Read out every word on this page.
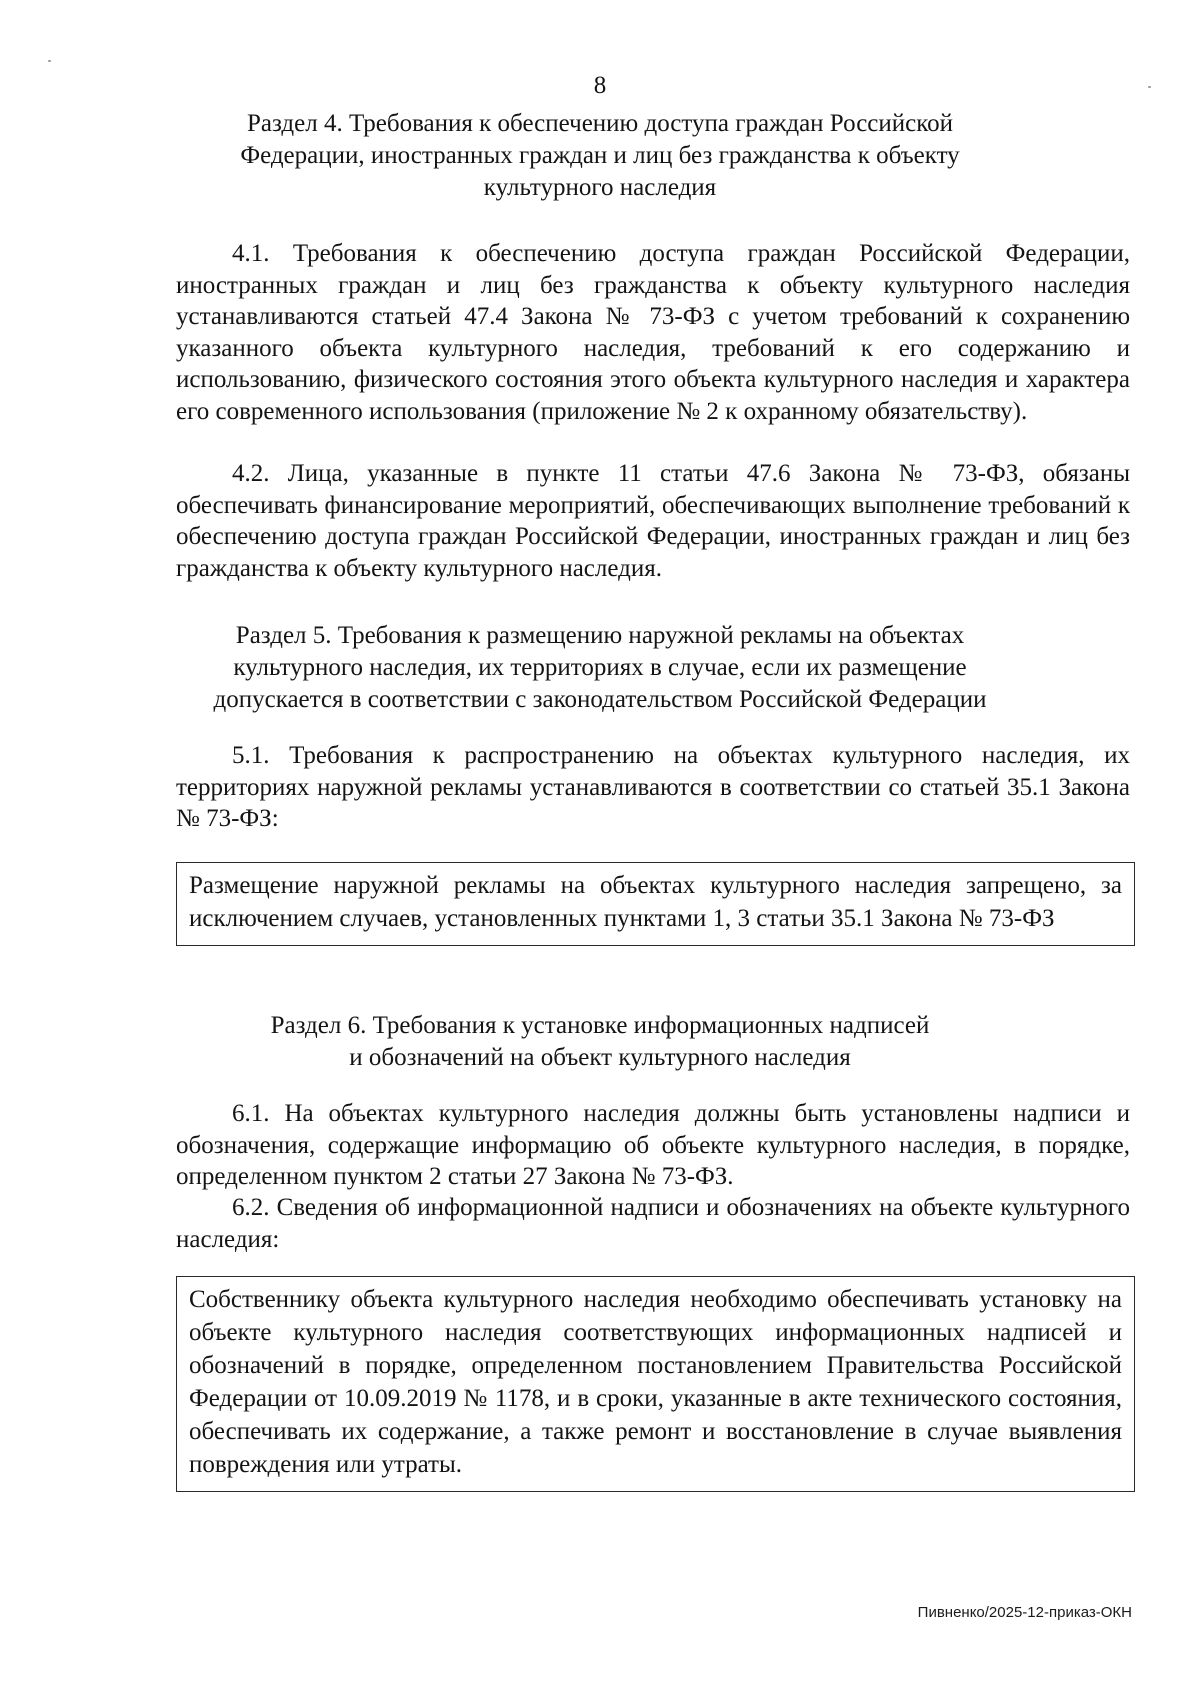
8
Раздел 4. Требования к обеспечению доступа граждан Российской
Федерации, иностранных граждан и лиц без гражданства к объекту
культурного наследия
4.1. Требования к обеспечению доступа граждан Российской Федерации, иностранных граждан и лиц без гражданства к объекту культурного наследия устанавливаются статьей 47.4 Закона № 73-ФЗ с учетом требований к сохранению указанного объекта культурного наследия, требований к его содержанию и использованию, физического состояния этого объекта культурного наследия и характера его современного использования (приложение № 2 к охранному обязательству).
4.2. Лица, указанные в пункте 11 статьи 47.6 Закона № 73-ФЗ, обязаны обеспечивать финансирование мероприятий, обеспечивающих выполнение требований к обеспечению доступа граждан Российской Федерации, иностранных граждан и лиц без гражданства к объекту культурного наследия.
Раздел 5. Требования к размещению наружной рекламы на объектах
культурного наследия, их территориях в случае, если их размещение
допускается в соответствии с законодательством Российской Федерации
5.1. Требования к распространению на объектах культурного наследия, их территориях наружной рекламы устанавливаются в соответствии со статьей 35.1 Закона № 73-ФЗ:
Размещение наружной рекламы на объектах культурного наследия запрещено, за исключением случаев, установленных пунктами 1, 3 статьи 35.1 Закона № 73-ФЗ
Раздел 6. Требования к установке информационных надписей
и обозначений на объект культурного наследия
6.1. На объектах культурного наследия должны быть установлены надписи и обозначения, содержащие информацию об объекте культурного наследия, в порядке, определенном пунктом 2 статьи 27 Закона № 73-ФЗ.
6.2. Сведения об информационной надписи и обозначениях на объекте культурного наследия:
Собственнику объекта культурного наследия необходимо обеспечивать установку на объекте культурного наследия соответствующих информационных надписей и обозначений в порядке, определенном постановлением Правительства Российской Федерации от 10.09.2019 № 1178, и в сроки, указанные в акте технического состояния, обеспечивать их содержание, а также ремонт и восстановление в случае выявления повреждения или утраты.
Пивненко/2025-12-приказ-ОКН
